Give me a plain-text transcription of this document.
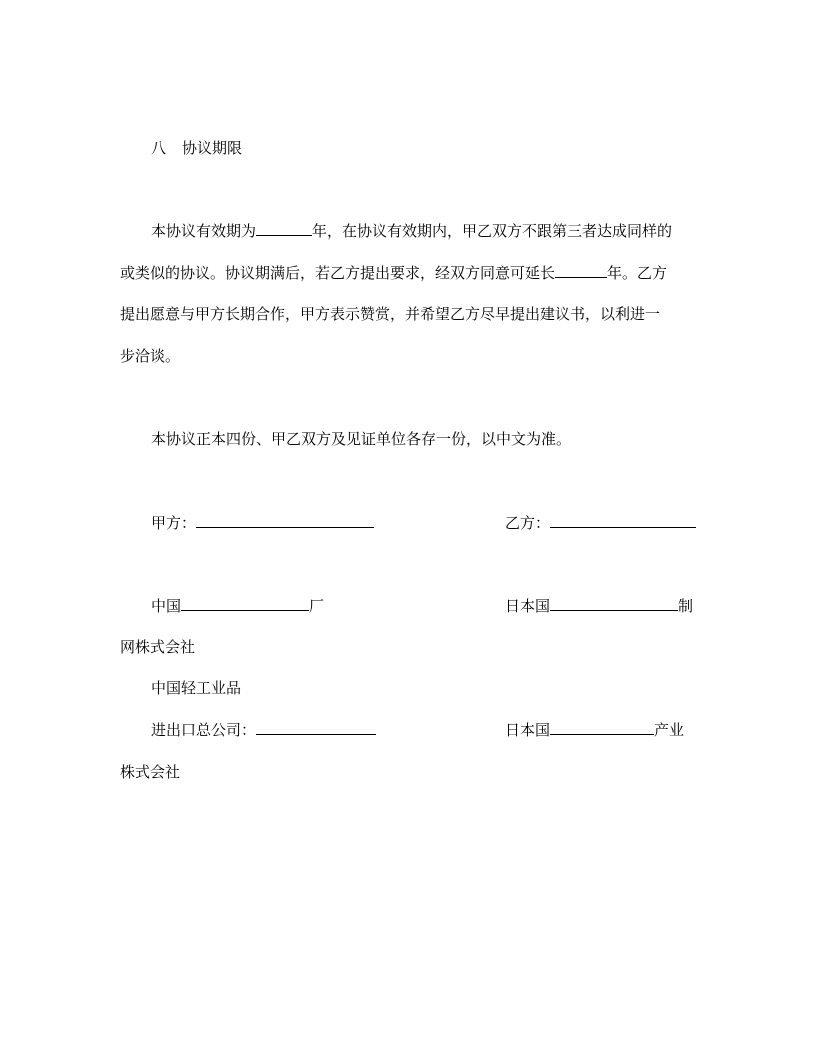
八 协议期限
本协议有效期为	年，在协议有效期内，甲乙双方不跟第三者达成同样的
或类似的协议。协议期满后，若乙方提出要求，经双方同意可延长	年。乙方
提出愿意与甲方长期合作，甲方表示赞赏，并希望乙方尽早提出建议书，以利进一
步洽谈。
本协议正本四份、甲乙双方及见证单位各存一份，以中文为准。
甲方：	乙方：
中国	厂	日本国	制
网株式会社
中国轻工业品
进出口总公司：	日本国	产业
株式会社
